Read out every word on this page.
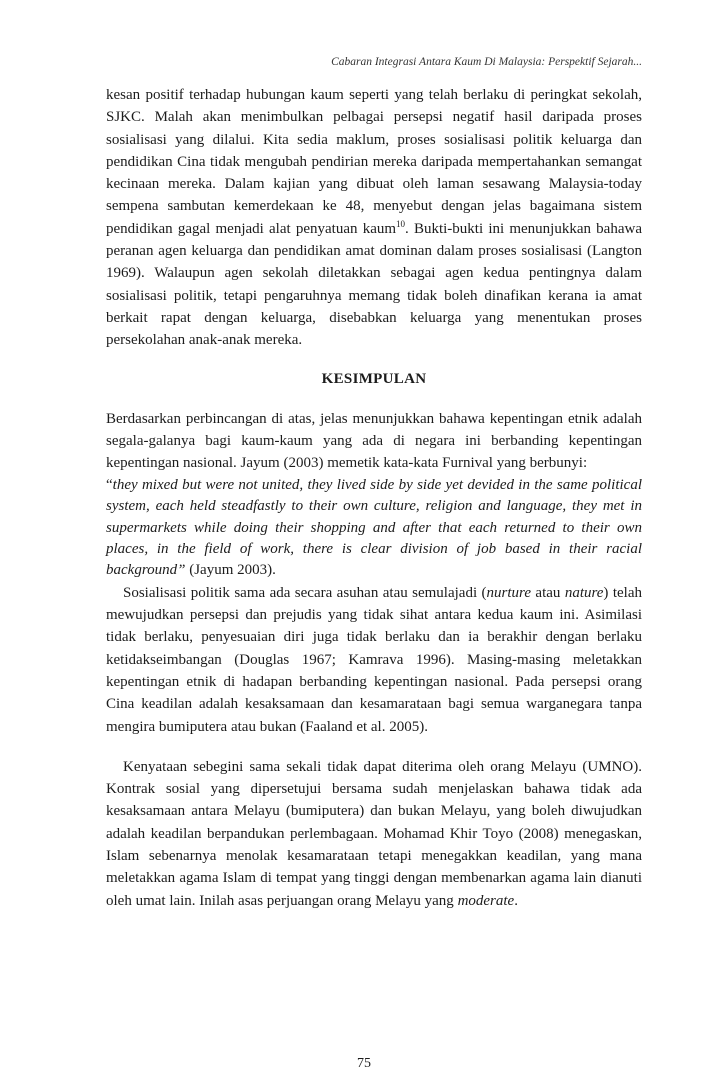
Cabaran Integrasi Antara Kaum Di Malaysia: Perspektif Sejarah...

kesan positif terhadap hubungan kaum seperti yang telah berlaku di peringkat sekolah, SJKC. Malah akan menimbulkan pelbagai persepsi negatif hasil daripada proses sosialisasi yang dilalui. Kita sedia maklum, proses sosialisasi politik keluarga dan pendidikan Cina tidak mengubah pendirian mereka daripada mempertahankan semangat kecinaan mereka. Dalam kajian yang dibuat oleh laman sesawang Malaysia-today sempena sambutan kemerdekaan ke 48, menyebut dengan jelas bagaimana sistem pendidikan gagal menjadi alat penyatuan kaum$^{10}$. Bukti-bukti ini menunjukkan bahawa peranan agen keluarga dan pendidikan amat dominan dalam proses sosialisasi (Langton 1969). Walaupun agen sekolah diletakkan sebagai agen kedua pentingnya dalam sosialisasi politik, tetapi pengaruhnya memang tidak boleh dinafikan kerana ia amat berkait rapat dengan keluarga, disebabkan keluarga yang menentukan proses persekolahan anak-anak mereka.

KESIMPULAN

Berdasarkan perbincangan di atas, jelas menunjukkan bahawa kepentingan etnik adalah segala-galanya bagi kaum-kaum yang ada di negara ini berbanding kepentingan kepentingan nasional. Jayum (2003) memetik kata-kata Furnival yang berbunyi:

“they mixed but were not united, they lived side by side yet devided in the same political system, each held steadfastly to their own culture, religion and language, they met in supermarkets while doing their shopping and after that each returned to their own places, in the field of work, there is clear division of job based in their racial background” (Jayum 2003).

Sosialisasi politik sama ada secara asuhan atau semulajadi (nurture atau nature) telah mewujudkan persepsi dan prejudis yang tidak sihat antara kedua kaum ini. Asimilasi tidak berlaku, penyesuaian diri juga tidak berlaku dan ia berakhir dengan berlaku ketidakseimbangan (Douglas 1967; Kamrava 1996). Masing-masing meletakkan kepentingan etnik di hadapan berbanding kepentingan nasional. Pada persepsi orang Cina keadilan adalah kesaksamaan dan kesamarataan bagi semua warganegara tanpa mengira bumiputera atau bukan (Faaland et al. 2005).

Kenyataan sebegini sama sekali tidak dapat diterima oleh orang Melayu (UMNO). Kontrak sosial yang dipersetujui bersama sudah menjelaskan bahawa tidak ada kesaksamaan antara Melayu (bumiputera) dan bukan Melayu, yang boleh diwujudkan adalah keadilan berpandukan perlembagaan. Mohamad Khir Toyo (2008) menegaskan, Islam sebenarnya menolak kesamarataan tetapi menegakkan keadilan, yang mana meletakkan agama Islam di tempat yang tinggi dengan membenarkan agama lain dianuti oleh umat lain. Inilah asas perjuangan orang Melayu yang moderate.

75
